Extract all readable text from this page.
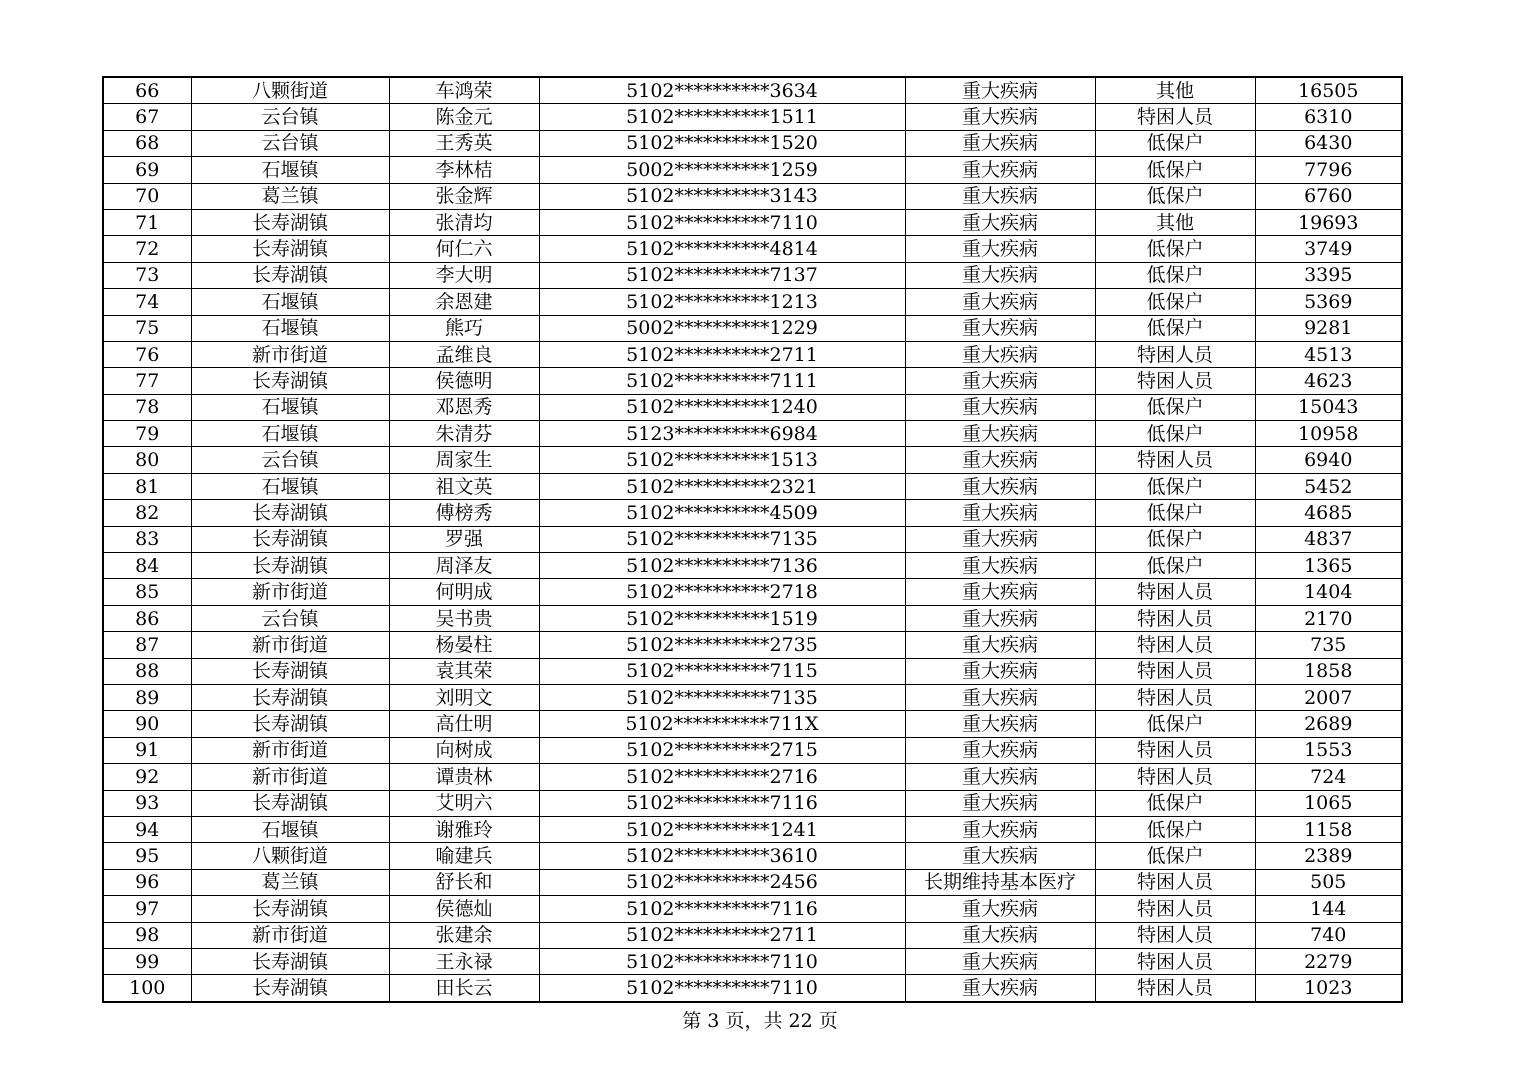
66	八颗街道	车鸿荣	5102**********3634	重大疾病	其他	16505
67	云台镇	陈金元	5102**********1511	重大疾病	特困人员	6310
68	云台镇	王秀英	5102**********1520	重大疾病	低保户	6430
69	石堰镇	李林桔	5002**********1259	重大疾病	低保户	7796
70	葛兰镇	张金辉	5102**********3143	重大疾病	低保户	6760
71	长寿湖镇	张清均	5102**********7110	重大疾病	其他	19693
72	长寿湖镇	何仁六	5102**********4814	重大疾病	低保户	3749
73	长寿湖镇	李大明	5102**********7137	重大疾病	低保户	3395
74	石堰镇	余恩建	5102**********1213	重大疾病	低保户	5369
75	石堰镇	熊巧	5002**********1229	重大疾病	低保户	9281
76	新市街道	孟维良	5102**********2711	重大疾病	特困人员	4513
77	长寿湖镇	侯德明	5102**********7111	重大疾病	特困人员	4623
78	石堰镇	邓恩秀	5102**********1240	重大疾病	低保户	15043
79	石堰镇	朱清芬	5123**********6984	重大疾病	低保户	10958
80	云台镇	周家生	5102**********1513	重大疾病	特困人员	6940
81	石堰镇	祖文英	5102**********2321	重大疾病	低保户	5452
82	长寿湖镇	傅榜秀	5102**********4509	重大疾病	低保户	4685
83	长寿湖镇	罗强	5102**********7135	重大疾病	低保户	4837
84	长寿湖镇	周泽友	5102**********7136	重大疾病	低保户	1365
85	新市街道	何明成	5102**********2718	重大疾病	特困人员	1404
86	云台镇	吴书贵	5102**********1519	重大疾病	特困人员	2170
87	新市街道	杨晏柱	5102**********2735	重大疾病	特困人员	735
88	长寿湖镇	袁其荣	5102**********7115	重大疾病	特困人员	1858
89	长寿湖镇	刘明文	5102**********7135	重大疾病	特困人员	2007
90	长寿湖镇	高仕明	5102**********711X	重大疾病	低保户	2689
91	新市街道	向树成	5102**********2715	重大疾病	特困人员	1553
92	新市街道	谭贵林	5102**********2716	重大疾病	特困人员	724
93	长寿湖镇	艾明六	5102**********7116	重大疾病	低保户	1065
94	石堰镇	谢雅玲	5102**********1241	重大疾病	低保户	1158
95	八颗街道	喻建兵	5102**********3610	重大疾病	低保户	2389
96	葛兰镇	舒长和	5102**********2456	长期维持基本医疗	特困人员	505
97	长寿湖镇	侯德灿	5102**********7116	重大疾病	特困人员	144
98	新市街道	张建余	5102**********2711	重大疾病	特困人员	740
99	长寿湖镇	王永禄	5102**********7110	重大疾病	特困人员	2279
100	长寿湖镇	田长云	5102**********7110	重大疾病	特困人员	1023
第 3 页，共 22 页
